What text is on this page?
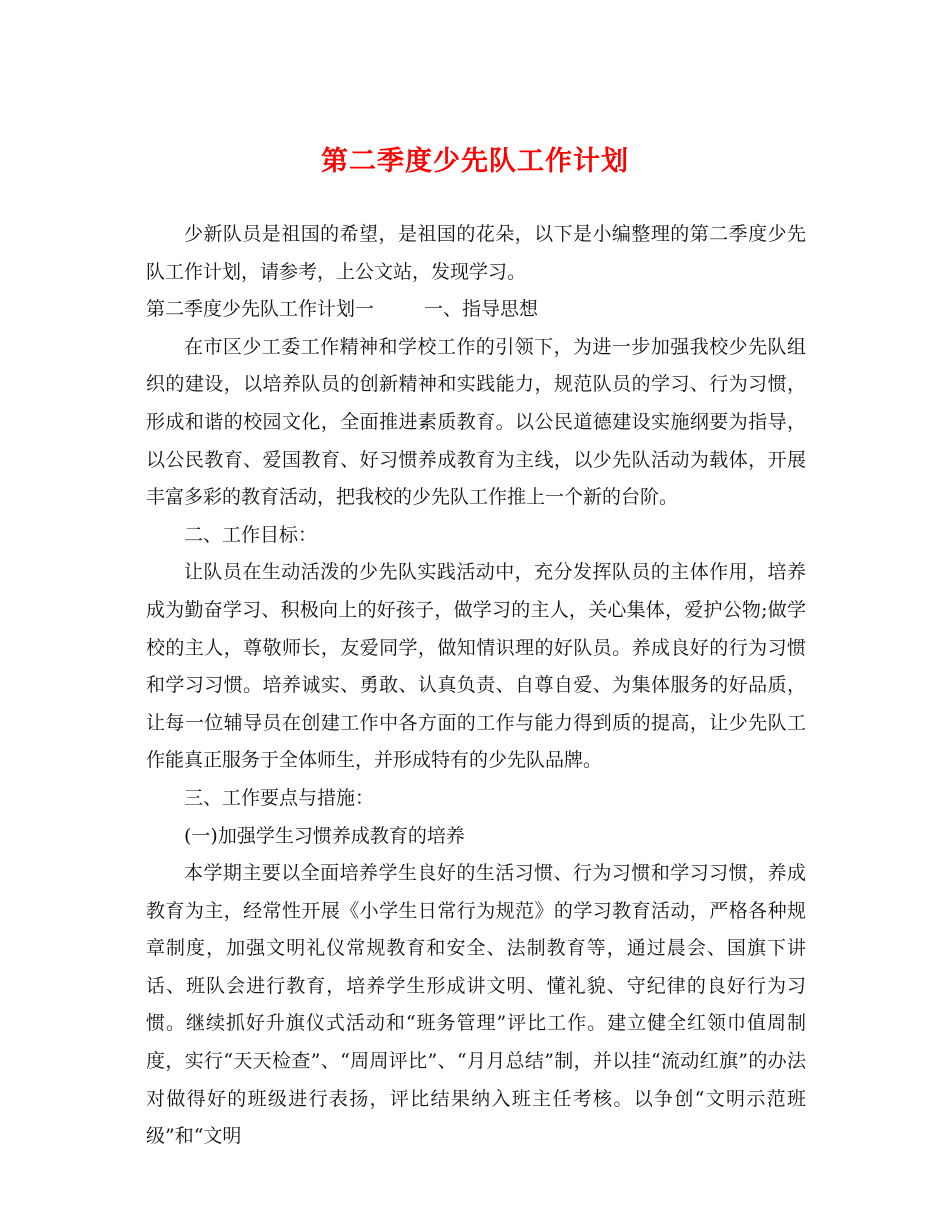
第二季度少先队工作计划

少新队员是祖国的希望，是祖国的花朵，以下是小编整理的第二季度少先队工作计划，请参考，上公文站，发现学习。

第二季度少先队工作计划一	一、指导思想

在市区少工委工作精神和学校工作的引领下，为进一步加强我校少先队组织的建设，以培养队员的创新精神和实践能力，规范队员的学习、行为习惯，形成和谐的校园文化，全面推进素质教育。以公民道德建设实施纲要为指导，以公民教育、爱国教育、好习惯养成教育为主线，以少先队活动为载体，开展丰富多彩的教育活动，把我校的少先队工作推上一个新的台阶。

二、工作目标：

让队员在生动活泼的少先队实践活动中，充分发挥队员的主体作用，培养成为勤奋学习、积极向上的好孩子，做学习的主人，关心集体，爱护公物;做学校的主人，尊敬师长，友爱同学，做知情识理的好队员。养成良好的行为习惯和学习习惯。培养诚实、勇敢、认真负责、自尊自爱、为集体服务的好品质，让每一位辅导员在创建工作中各方面的工作与能力得到质的提高，让少先队工作能真正服务于全体师生，并形成特有的少先队品牌。

三、工作要点与措施：

(一)加强学生习惯养成教育的培养

本学期主要以全面培养学生良好的生活习惯、行为习惯和学习习惯，养成教育为主，经常性开展《小学生日常行为规范》的学习教育活动，严格各种规章制度，加强文明礼仪常规教育和安全、法制教育等，通过晨会、国旗下讲话、班队会进行教育，培养学生形成讲文明、懂礼貌、守纪律的良好行为习惯。继续抓好升旗仪式活动和“班务管理”评比工作。建立健全红领巾值周制度，实行“天天检查”、“周周评比”、“月月总结”制，并以挂“流动红旗”的办法对做得好的班级进行表扬，评比结果纳入班主任考核。以争创“文明示范班级”和“文明
